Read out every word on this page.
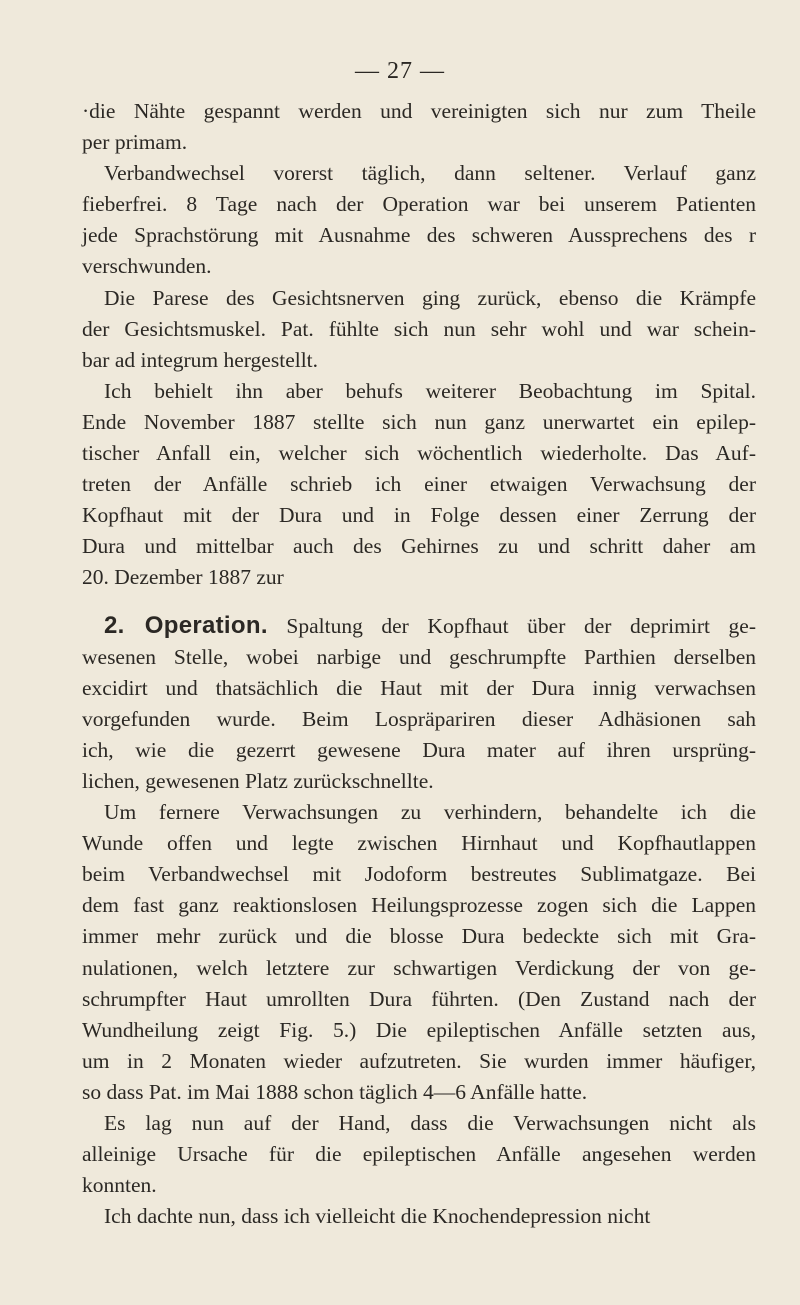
— 27 —

·die Nähte gespannt werden und vereinigten sich nur zum Theile
per primam.

Verbandwechsel vorerst täglich, dann seltener. Verlauf ganz
fieberfrei. 8 Tage nach der Operation war bei unserem Patienten
jede Sprachstörung mit Ausnahme des schweren Aussprechens des r
verschwunden.

Die Parese des Gesichtsnerven ging zurück, ebenso die Krämpfe
der Gesichtsmuskel. Pat. fühlte sich nun sehr wohl und war schein-
bar ad integrum hergestellt.

Ich behielt ihn aber behufs weiterer Beobachtung im Spital.
Ende November 1887 stellte sich nun ganz unerwartet ein epilep-
tischer Anfall ein, welcher sich wöchentlich wiederholte. Das Auf-
treten der Anfälle schrieb ich einer etwaigen Verwachsung der
Kopfhaut mit der Dura und in Folge dessen einer Zerrung der
Dura und mittelbar auch des Gehirnes zu und schritt daher am
20. Dezember 1887 zur

2. Operation. Spaltung der Kopfhaut über der deprimirt ge-
wesenen Stelle, wobei narbige und geschrumpfte Parthien derselben
excidirt und thatsächlich die Haut mit der Dura innig verwachsen
vorgefunden wurde. Beim Lospräpariren dieser Adhäsionen sah
ich, wie die gezerrt gewesene Dura mater auf ihren ursprüng-
lichen, gewesenen Platz zurückschnellte.

Um fernere Verwachsungen zu verhindern, behandelte ich die
Wunde offen und legte zwischen Hirnhaut und Kopfhautlappen
beim Verbandwechsel mit Jodoform bestreutes Sublimatgaze. Bei
dem fast ganz reaktionslosen Heilungsprozesse zogen sich die Lappen
immer mehr zurück und die blosse Dura bedeckte sich mit Gra-
nulationen, welch letztere zur schwartigen Verdickung der von ge-
schrumpfter Haut umrollten Dura führten. (Den Zustand nach der
Wundheilung zeigt Fig. 5.) Die epileptischen Anfälle setzten aus,
um in 2 Monaten wieder aufzutreten. Sie wurden immer häufiger,
so dass Pat. im Mai 1888 schon täglich 4—6 Anfälle hatte.

Es lag nun auf der Hand, dass die Verwachsungen nicht als
alleinige Ursache für die epileptischen Anfälle angesehen werden
konnten.

Ich dachte nun, dass ich vielleicht die Knochendepression nicht
